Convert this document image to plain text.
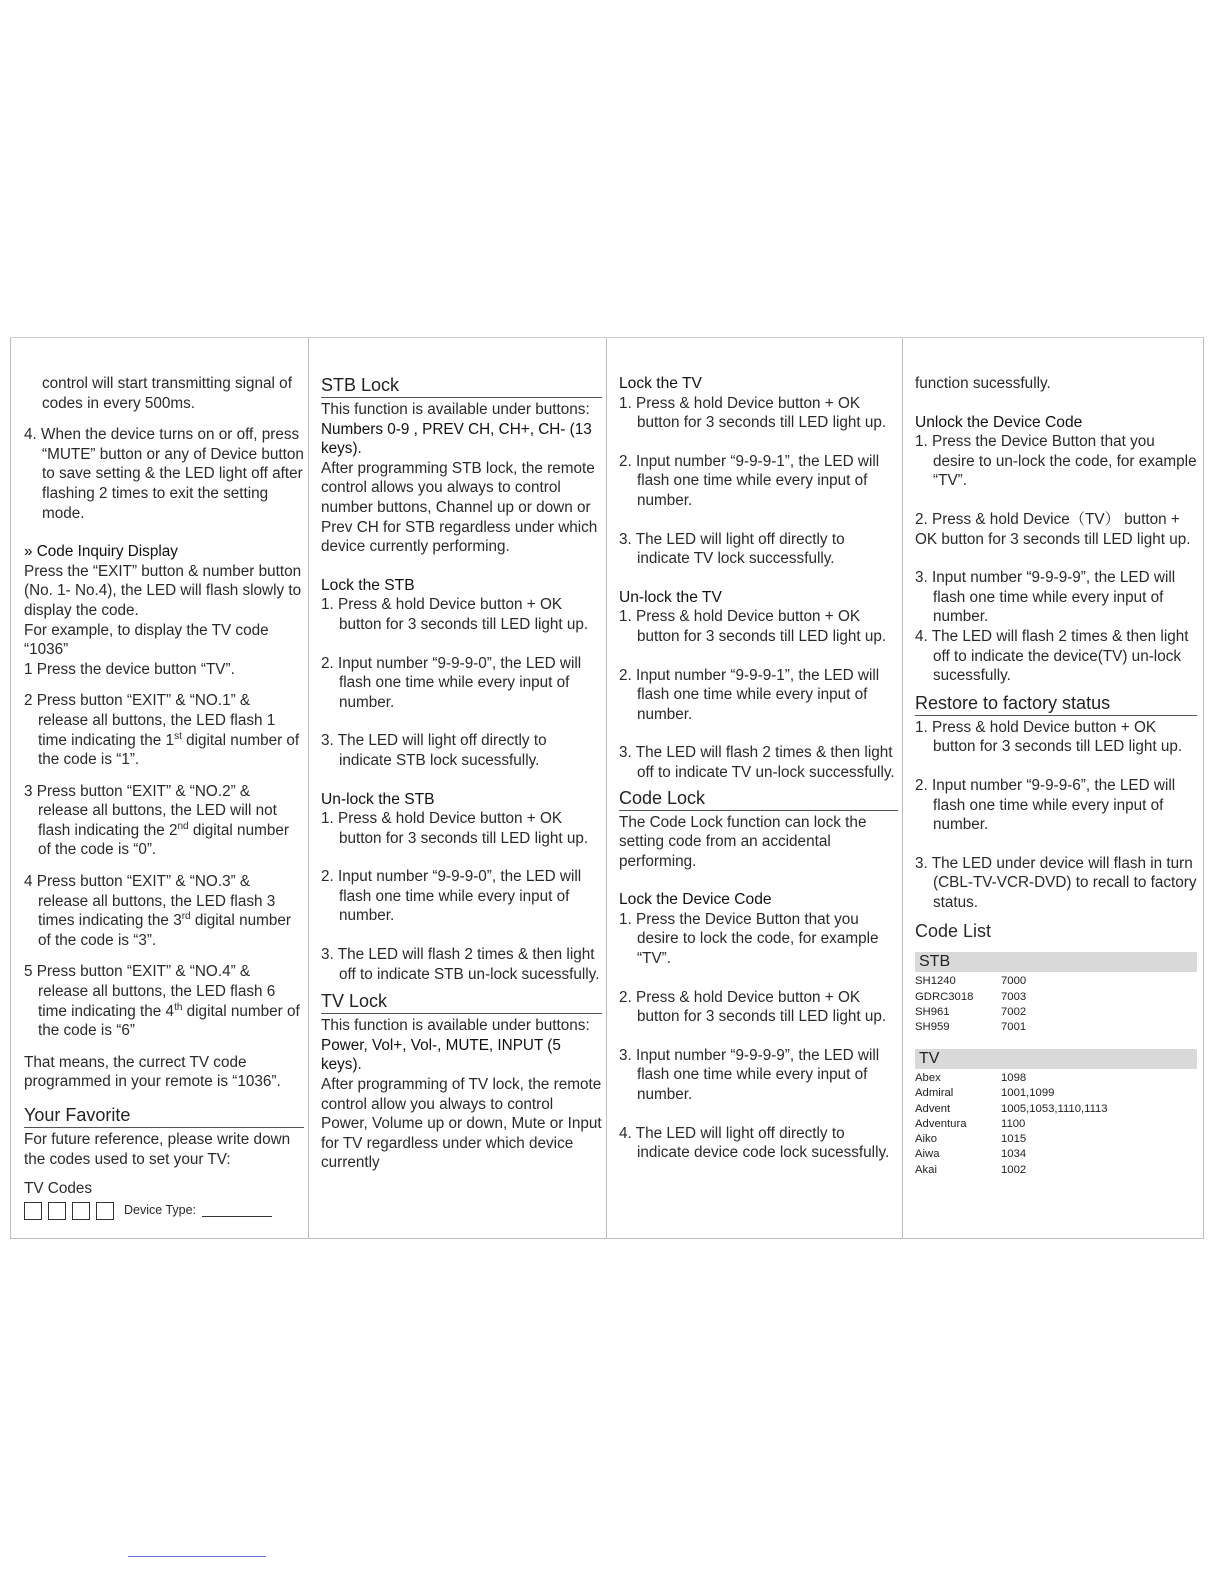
control will start transmitting signal of codes in every 500ms.

4. When the device turns on or off, press “MUTE” button or any of Device button to save setting & the LED light off after flashing 2 times to exit the setting mode.

» Code Inquiry Display

Press the “EXIT” button & number button (No. 1- No.4), the LED will flash slowly to display the code.

For example, to display the TV code “1036”

1 Press the device button “TV”.

2 Press button “EXIT” & “NO.1” &

release all buttons, the LED flash 1 time indicating the 1st digital number of the code is “1”.

3 Press button “EXIT” & “NO.2” &

release all buttons, the LED will not flash indicating the 2nd digital number of the code is “0”.

4 Press button “EXIT” & “NO.3” &

release all buttons, the LED flash 3 times indicating the 3rd digital number of the code is “3”.

5 Press button “EXIT” & “NO.4” &

release all buttons, the LED flash 6 time indicating the 4th digital number of the code is “6”

That means, the currect TV code programmed in your remote is “1036”.

Your Favorite

For future reference, please write down the codes used to set your TV:

TV Codes

Device Type:
STB Lock

This function is available under buttons:

Numbers 0-9 , PREV CH, CH+, CH- (13 keys).

After programming STB lock, the remote control allows you always to control number buttons, Channel up or down or Prev CH for STB regardless under which device currently performing.

Lock the STB

1. Press & hold Device button + OK button for 3 seconds till LED light up.

2. Input number “9-9-9-0”, the LED will flash one time while every input of number.

3. The LED will light off directly to indicate STB lock sucessfully.

Un-lock the STB

1. Press & hold Device button + OK button for 3 seconds till LED light up.

2. Input number “9-9-9-0”, the LED will flash one time while every input of number.

3. The LED will flash 2 times & then light off to indicate STB un-lock sucessfully.

TV Lock

This function is available under buttons:

Power, Vol+, Vol-, MUTE, INPUT (5 keys).

After programming of TV lock, the remote control allow you always to control Power, Volume up or down, Mute or Input for TV regardless under which device currently

Lock the TV

1. Press & hold Device button + OK button for 3 seconds till LED light up.

2. Input number “9-9-9-1”, the LED will flash one time while every input of number.

3. The LED will light off directly to indicate TV lock successfully.

Un-lock the TV

1. Press & hold Device button + OK button for 3 seconds till LED light up.

2. Input number “9-9-9-1”, the LED will flash one time while every input of number.

3. The LED will flash 2 times & then light off to indicate TV un-lock successfully.

Code Lock

The Code Lock function can lock the setting code from an accidental performing.

Lock the Device Code

1. Press the Device Button that you desire to lock the code, for example “TV”.

2. Press & hold Device button + OK button for 3 seconds till LED light up.

3. Input number “9-9-9-9”, the LED will flash one time while every input of number.

4. The LED will light off directly to indicate device code lock sucessfully.

function sucessfully.

Unlock the Device Code

1. Press the Device Button that you desire to un-lock the code, for example “TV”.

2. Press & hold Device（TV） button + OK button for 3 seconds till LED light up.

3. Input number “9-9-9-9”, the LED will flash one time while every input of number.

4. The LED will flash 2 times & then light off to indicate the device(TV) un-lock sucessfully.

Restore to factory status

1. Press & hold Device button + OK button for 3 seconds till LED light up.

2. Input number “9-9-9-6”, the LED will flash one time while every input of number.

3. The LED under device will flash in turn (CBL-TV-VCR-DVD) to recall to factory status.

Code List

STB
SH1240	7000
GDRC3018	7003
SH961	7002
SH959	7001
TV
Abex	1098
Admiral	1001,1099
Advent	1005,1053,1110,1113
Adventura	1100
Aiko	1015
Aiwa	1034
Akai	1002
